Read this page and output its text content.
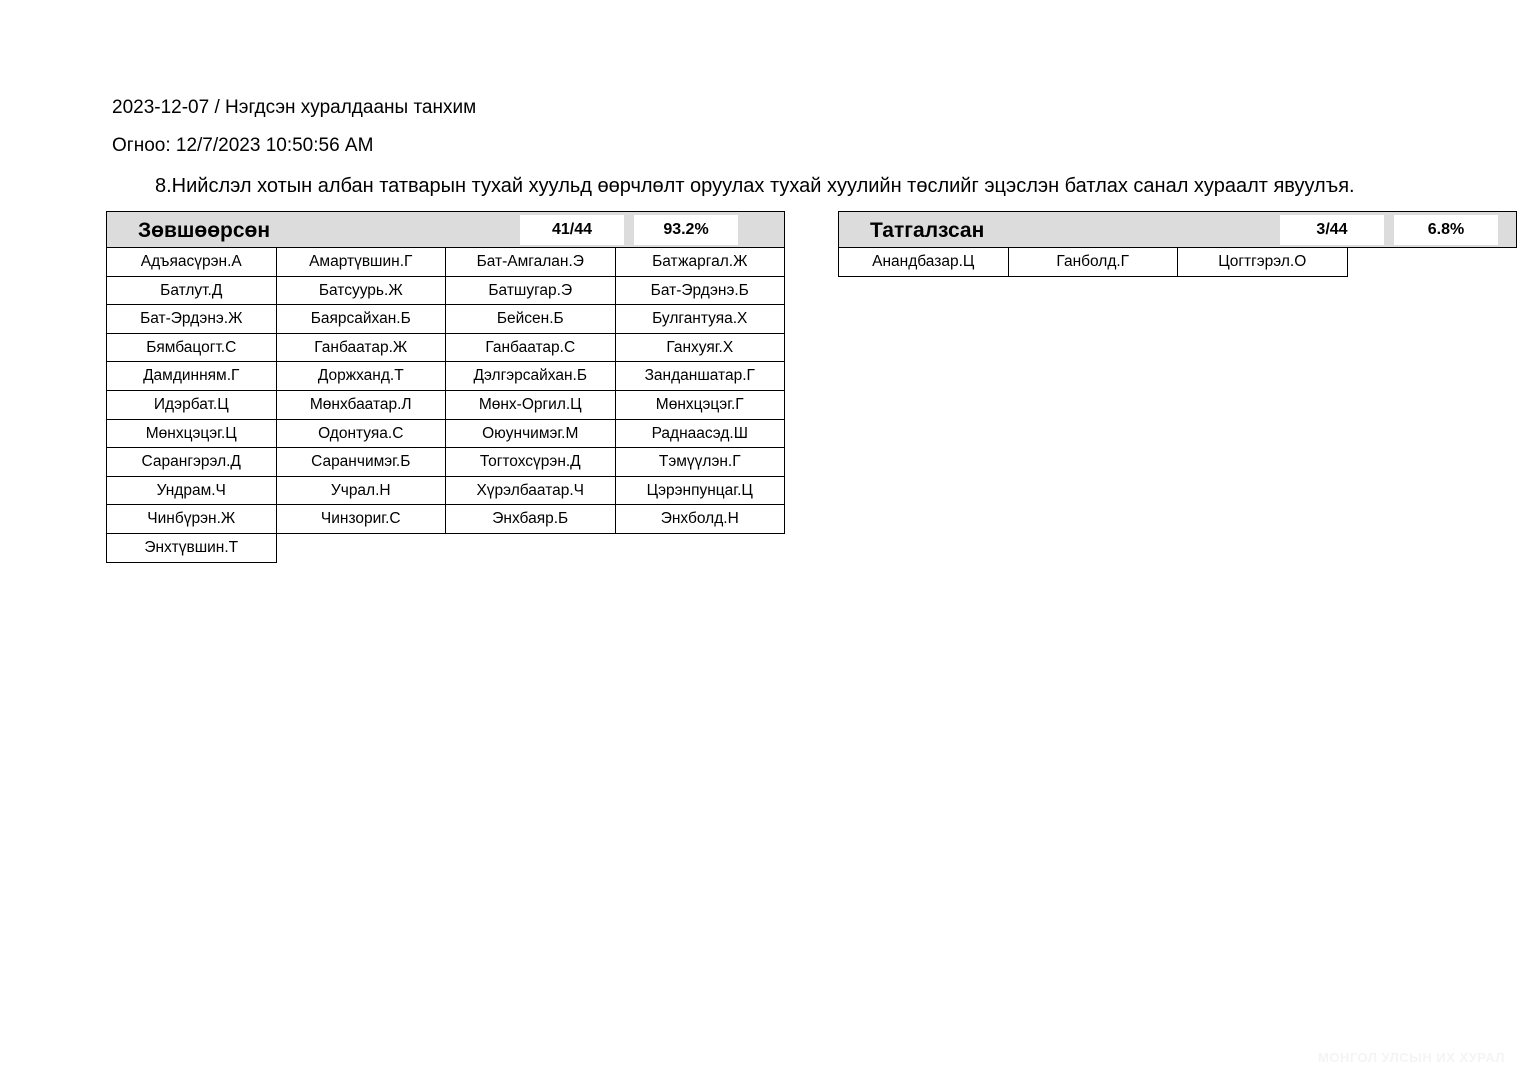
2023-12-07 / Нэгдсэн хуралдааны танхим
Огноо: 12/7/2023 10:50:56 AM
8.Нийслэл хотын албан татварын тухай хуульд өөрчлөлт оруулах тухай хуулийн төслийг эцэслэн батлах санал хураалт явуулъя.
Зөвшөөрсөн	41/44	93.2%
Адъяасүрэн.А	Амартүвшин.Г	Бат-Амгалан.Э	Батжаргал.Ж
Батлут.Д	Батсуурь.Ж	Батшугар.Э	Бат-Эрдэнэ.Б
Бат-Эрдэнэ.Ж	Баярсайхан.Б	Бейсен.Б	Булгантуяа.Х
Бямбацогт.С	Ганбаатар.Ж	Ганбаатар.С	Ганхуяг.Х
Дамдинням.Г	Доржханд.Т	Дэлгэрсайхан.Б	Занданшатар.Г
Идэрбат.Ц	Мөнхбаатар.Л	Мөнх-Оргил.Ц	Мөнхцэцэг.Г
Мөнхцэцэг.Ц	Одонтуяа.С	Оюунчимэг.М	Раднаасэд.Ш
Сарангэрэл.Д	Саранчимэг.Б	Тогтохсүрэн.Д	Тэмүүлэн.Г
Ундрам.Ч	Учрал.Н	Хүрэлбаатар.Ч	Цэрэнпунцаг.Ц
Чинбүрэн.Ж	Чинзориг.С	Энхбаяр.Б	Энхболд.Н
Энхтүвшин.Т
Татгалзсан	3/44	6.8%
Анандбазар.Ц	Ганболд.Г	Цогтгэрэл.О
МОНГОЛ УЛСЫН ИХ ХУРАЛ
